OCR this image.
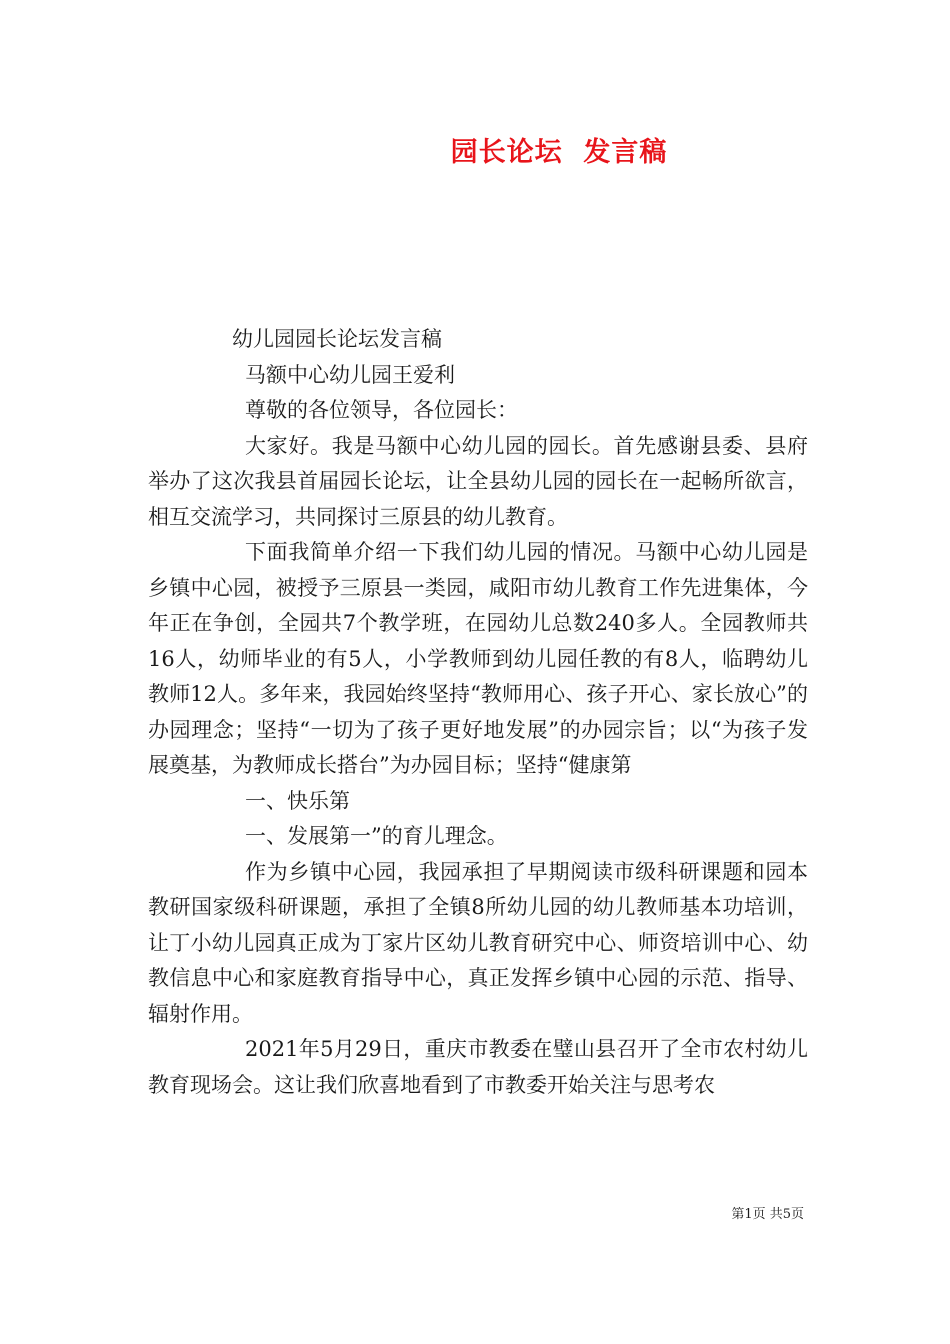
园长论坛  发言稿

幼儿园园长论坛发言稿

马额中心幼儿园王爱利

尊敬的各位领导，各位园长：

大家好。我是马额中心幼儿园的园长。首先感谢县委、县府举办了这次我县首届园长论坛，让全县幼儿园的园长在一起畅所欲言，相互交流学习，共同探讨三原县的幼儿教育。

下面我简单介绍一下我们幼儿园的情况。马额中心幼儿园是乡镇中心园，被授予三原县一类园，咸阳市幼儿教育工作先进集体，今年正在争创，全园共7个教学班，在园幼儿总数240多人。全园教师共16人，幼师毕业的有5人，小学教师到幼儿园任教的有8人，临聘幼儿教师12人。多年来，我园始终坚持“教师用心、孩子开心、家长放心”的办园理念；坚持“一切为了孩子更好地发展”的办园宗旨；以“为孩子发展奠基，为教师成长搭台”为办园目标；坚持“健康第

一、快乐第

一、发展第一”的育儿理念。

作为乡镇中心园，我园承担了早期阅读市级科研课题和园本教研国家级科研课题，承担了全镇8所幼儿园的幼儿教师基本功培训，让丁小幼儿园真正成为丁家片区幼儿教育研究中心、师资培训中心、幼教信息中心和家庭教育指导中心，真正发挥乡镇中心园的示范、指导、辐射作用。

2021年5月29日，重庆市教委在璧山县召开了全市农村幼儿教育现场会。这让我们欣喜地看到了市教委开始关注与思考农

第1页 共5页
